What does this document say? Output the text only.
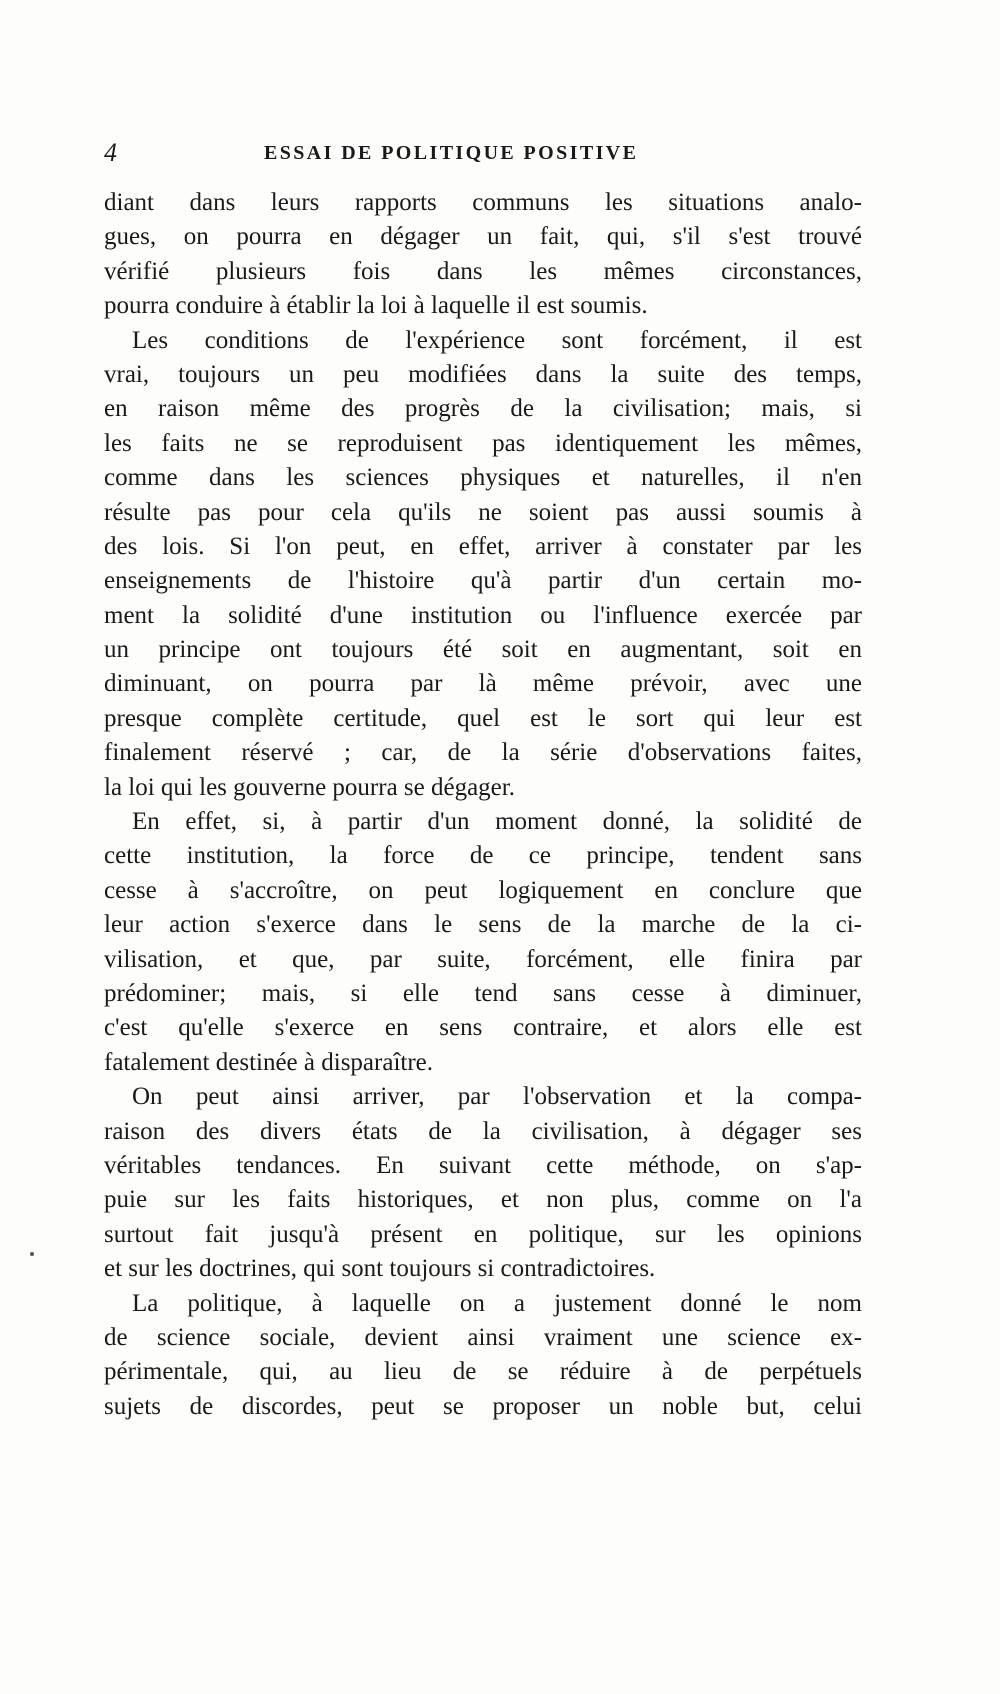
4	ESSAI DE POLITIQUE POSITIVE
diant dans leurs rapports communs les situations analo-
gues, on pourra en dégager un fait, qui, s'il s'est trouvé
vérifié plusieurs fois dans les mêmes circonstances,
pourra conduire à établir la loi à laquelle il est soumis.
Les conditions de l'expérience sont forcément, il est
vrai, toujours un peu modifiées dans la suite des temps,
en raison même des progrès de la civilisation; mais, si
les faits ne se reproduisent pas identiquement les mêmes,
comme dans les sciences physiques et naturelles, il n'en
résulte pas pour cela qu'ils ne soient pas aussi soumis à
des lois. Si l'on peut, en effet, arriver à constater par les
enseignements de l'histoire qu'à partir d'un certain mo-
ment la solidité d'une institution ou l'influence exercée par
un principe ont toujours été soit en augmentant, soit en
diminuant, on pourra par là même prévoir, avec une
presque complète certitude, quel est le sort qui leur est
finalement réservé ; car, de la série d'observations faites,
la loi qui les gouverne pourra se dégager.
En effet, si, à partir d'un moment donné, la solidité de
cette institution, la force de ce principe, tendent sans
cesse à s'accroître, on peut logiquement en conclure que
leur action s'exerce dans le sens de la marche de la ci-
vilisation, et que, par suite, forcément, elle finira par
prédominer; mais, si elle tend sans cesse à diminuer,
c'est qu'elle s'exerce en sens contraire, et alors elle est
fatalement destinée à disparaître.
On peut ainsi arriver, par l'observation et la compa-
raison des divers états de la civilisation, à dégager ses
véritables tendances. En suivant cette méthode, on s'ap-
puie sur les faits historiques, et non plus, comme on l'a
surtout fait jusqu'à présent en politique, sur les opinions
et sur les doctrines, qui sont toujours si contradictoires.
La politique, à laquelle on a justement donné le nom
de science sociale, devient ainsi vraiment une science ex-
périmentale, qui, au lieu de se réduire à de perpétuels
sujets de discordes, peut se proposer un noble but, celui
